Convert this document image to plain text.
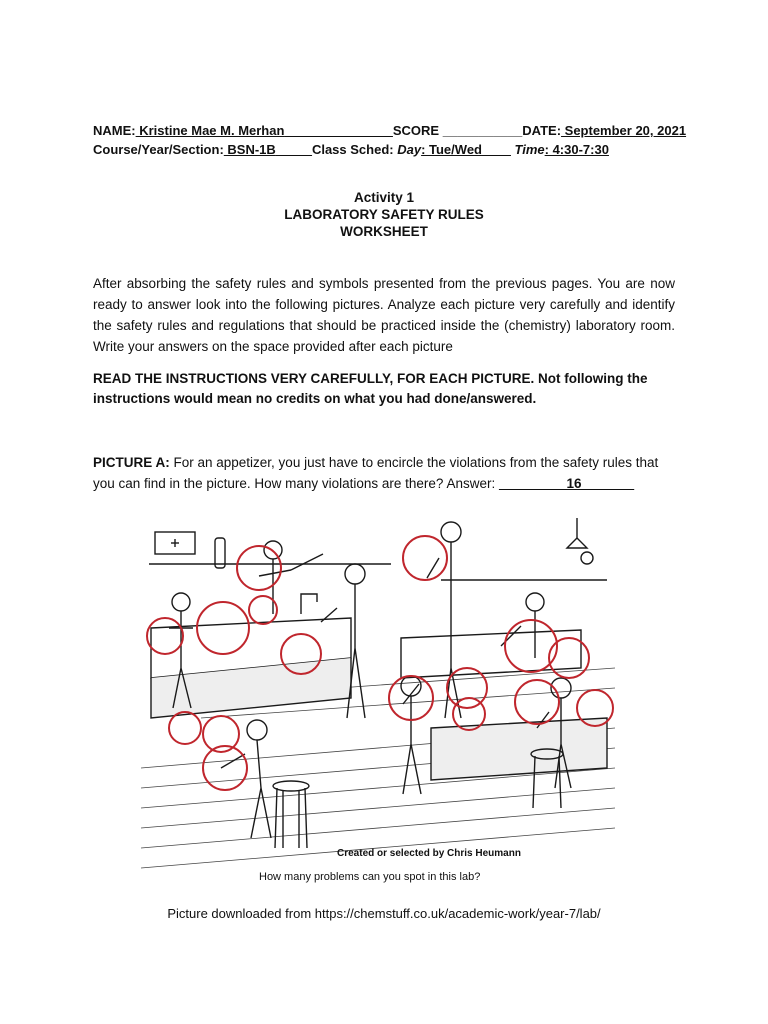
NAME: Kristine Mae M. Merhan_______________SCORE ___________DATE: September 20, 2021
Course/Year/Section: BSN-1B_____Class Sched: Day: Tue/Wed____ Time: 4:30-7:30
Activity 1
LABORATORY SAFETY RULES
WORKSHEET
After absorbing the safety rules and symbols presented from the previous pages. You are now ready to answer look into the following pictures. Analyze each picture very carefully and identify the safety rules and regulations that should be practiced inside the (chemistry) laboratory room. Write your answers on the space provided after each picture
READ THE INSTRUCTIONS VERY CAREFULLY, FOR EACH PICTURE. Not following the instructions would mean no credits on what you had done/answered.
PICTURE A: For an appetizer, you just have to encircle the violations from the safety rules that you can find in the picture. How many violations are there? Answer: _________16_______
Created or selected by Chris Heumann
How many problems can you spot in this lab?
Picture downloaded from https://chemstuff.co.uk/academic-work/year-7/lab/
